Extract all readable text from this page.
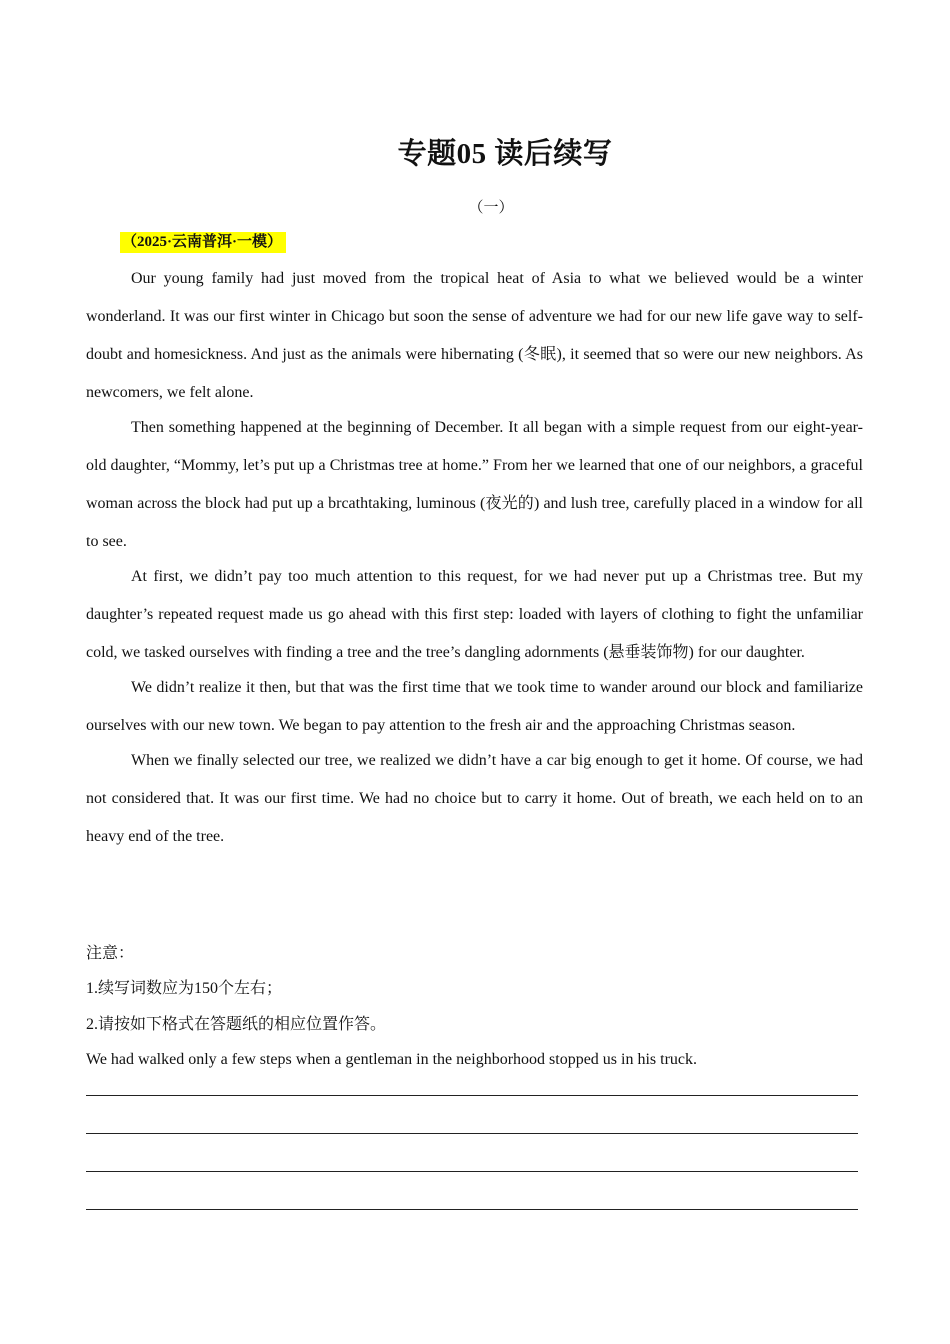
专题05 读后续写
（一）
（2025·云南普洱·一模）

Our young family had just moved from the tropical heat of Asia to what we believed would be a winter wonderland. It was our first winter in Chicago but soon the sense of adventure we had for our new life gave way to self-doubt and homesickness. And just as the animals were hibernating (冬眠), it seemed that so were our new neighbors. As newcomers, we felt alone.

Then something happened at the beginning of December. It all began with a simple request from our eight-year-old daughter, “Mommy, let’s put up a Christmas tree at home.” From her we learned that one of our neighbors, a graceful woman across the block had put up a brcathtaking, luminous (夜光的) and lush tree, carefully placed in a window for all to see.

At first, we didn’t pay too much attention to this request, for we had never put up a Christmas tree. But my daughter’s repeated request made us go ahead with this first step: loaded with layers of clothing to fight the unfamiliar cold, we tasked ourselves with finding a tree and the tree’s dangling adornments (悬垂装饰物) for our daughter.

We didn’t realize it then, but that was the first time that we took time to wander around our block and familiarize ourselves with our new town. We began to pay attention to the fresh air and the approaching Christmas season.

When we finally selected our tree, we realized we didn’t have a car big enough to get it home. Of course, we had not considered that. It was our first time. We had no choice but to carry it home. Out of breath, we each held on to an heavy end of the tree.

注意：

1.续写词数应为150个左右；

2.请按如下格式在答题纸的相应位置作答。

We had walked only a few steps when a gentleman in the neighborhood stopped us in his truck.
